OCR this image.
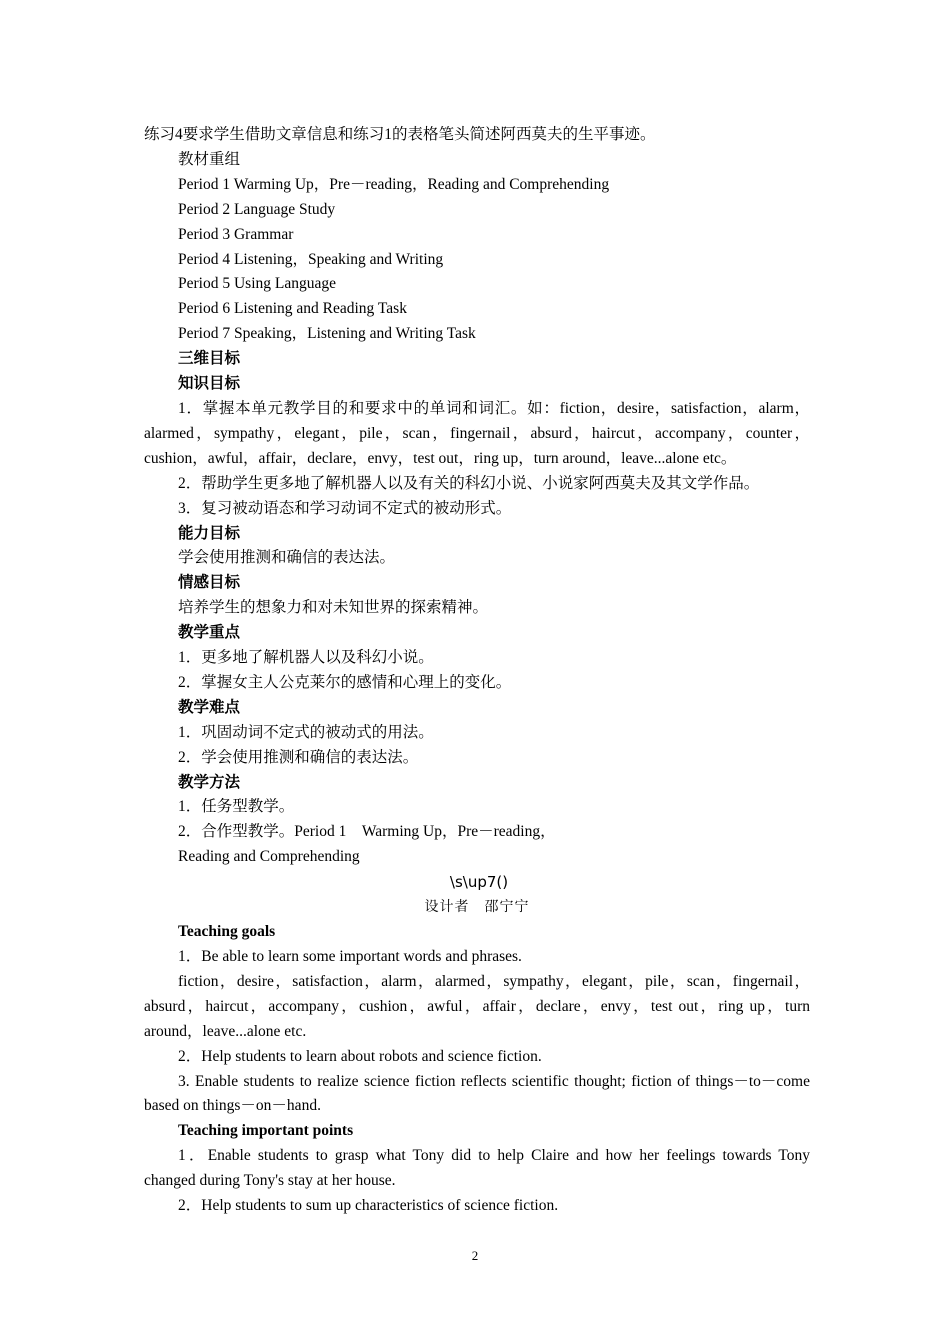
练习4要求学生借助文章信息和练习1的表格笔头简述阿西莫夫的生平事迹。
教材重组
Period 1 Warming Up，Pre－reading，Reading and Comprehending
Period 2 Language Study
Period 3 Grammar
Period 4 Listening，Speaking and Writing
Period 5 Using Language
Period 6 Listening and Reading Task
Period 7 Speaking，Listening and Writing Task
三维目标
知识目标
1．掌握本单元教学目的和要求中的单词和词汇。如：fiction，desire，satisfaction，alarm，alarmed，sympathy，elegant，pile，scan，fingernail，absurd，haircut，accompany，counter，cushion，awful，affair，declare，envy，test out，ring up，turn around，leave...alone etc。
2．帮助学生更多地了解机器人以及有关的科幻小说、小说家阿西莫夫及其文学作品。
3．复习被动语态和学习动词不定式的被动形式。
能力目标
学会使用推测和确信的表达法。
情感目标
培养学生的想象力和对未知世界的探索精神。
教学重点
1．更多地了解机器人以及科幻小说。
2．掌握女主人公克莱尔的感情和心理上的变化。
教学难点
1．巩固动词不定式的被动式的用法。
2．学会使用推测和确信的表达法。
教学方法
1．任务型教学。
2．合作型教学。Period 1　Warming Up，Pre－reading，
Reading and Comprehending
\s\up7()
设计者　邵宁宁
Teaching goals
1．Be able to learn some important words and phrases.
fiction，desire，satisfaction，alarm，alarmed，sympathy，elegant，pile，scan，fingernail，absurd，haircut，accompany，cushion，awful，affair，declare，envy，test out，ring up，turn around，leave...alone etc.
2．Help students to learn about robots and science fiction.
3. Enable students to realize science fiction reflects scientific thought; fiction of things－to－come based on things－on－hand.
Teaching important points
1．Enable students to grasp what Tony did to help Claire and how her feelings towards Tony changed during Tony's stay at her house.
2．Help students to sum up characteristics of science fiction.
2
